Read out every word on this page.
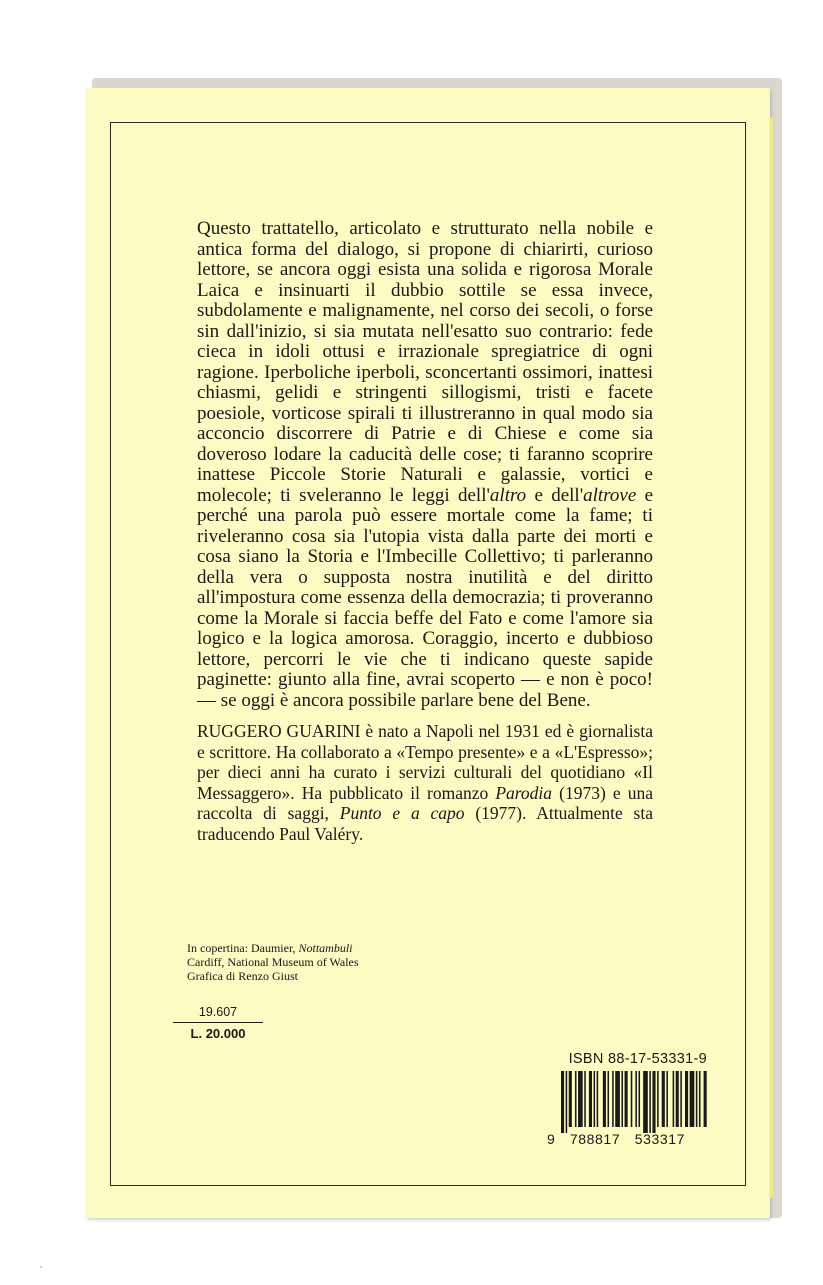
Questo trattatello, articolato e strutturato nella nobile e antica forma del dialogo, si propone di chiarirti, curioso lettore, se ancora oggi esista una solida e rigorosa Morale Laica e insinuarti il dubbio sottile se essa invece, subdolamente e malignamente, nel corso dei secoli, o forse sin dall'inizio, si sia mutata nell'esatto suo contrario: fede cieca in idoli ottusi e irrazionale spregiatrice di ogni ragione. Iperboliche iperboli, sconcertanti ossimori, inattesi chiasmi, gelidi e stringenti sillogismi, tristi e facete poesiole, vorticose spirali ti illustreranno in qual modo sia acconcio discorrere di Patrie e di Chiese e come sia doveroso lodare la caducità delle cose; ti faranno scoprire inattese Piccole Storie Naturali e galassie, vortici e molecole; ti sveleranno le leggi dell'altro e dell'altrove e perché una parola può essere mortale come la fame; ti riveleranno cosa sia l'utopia vista dalla parte dei morti e cosa siano la Storia e l'Imbecille Collettivo; ti parleranno della vera o supposta nostra inutilità e del diritto all'impostura come essenza della democrazia; ti proveranno come la Morale si faccia beffe del Fato e come l'amore sia logico e la logica amorosa. Coraggio, incerto e dubbioso lettore, percorri le vie che ti indicano queste sapide paginette: giunto alla fine, avrai scoperto — e non è poco! — se oggi è ancora possibile parlare bene del Bene.

RUGGERO GUARINI è nato a Napoli nel 1931 ed è giornalista e scrittore. Ha collaborato a «Tempo presente» e a «L'Espresso»; per dieci anni ha curato i servizi culturali del quotidiano «Il Messaggero». Ha pubblicato il romanzo Parodia (1973) e una raccolta di saggi, Punto e a capo (1977). Attualmente sta traducendo Paul Valéry.

In copertina: Daumier, Nottambuli
Cardiff, National Museum of Wales
Grafica di Renzo Giust

ISBN 88-17-53331-9

9 788817 533317

19.607

L. 20.000
